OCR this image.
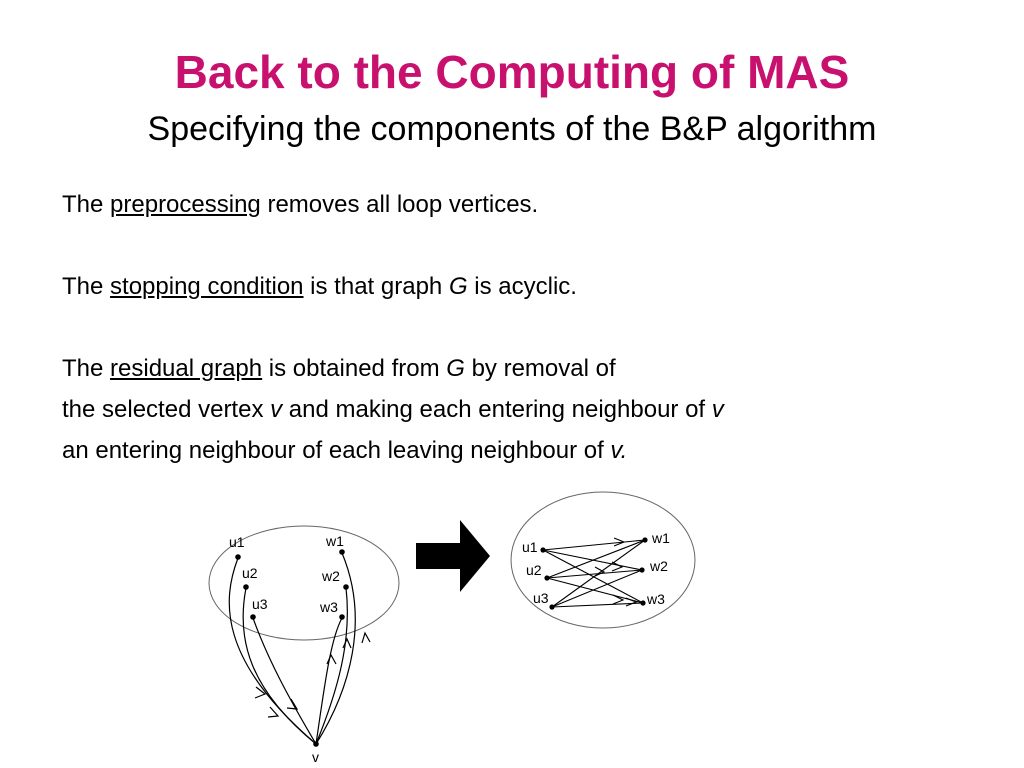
Back to the Computing of MAS
Specifying the components of the B&P algorithm

The preprocessing removes all loop vertices.

The stopping condition is that graph G is acyclic.

The residual graph is obtained from G by removal of

the selected vertex v and making each entering neighbour of v

an entering neighbour of each leaving neighbour of v.

u1
u2
u3
w1
w2
w3
v
u1
u2
u3
w1
w2
w3
